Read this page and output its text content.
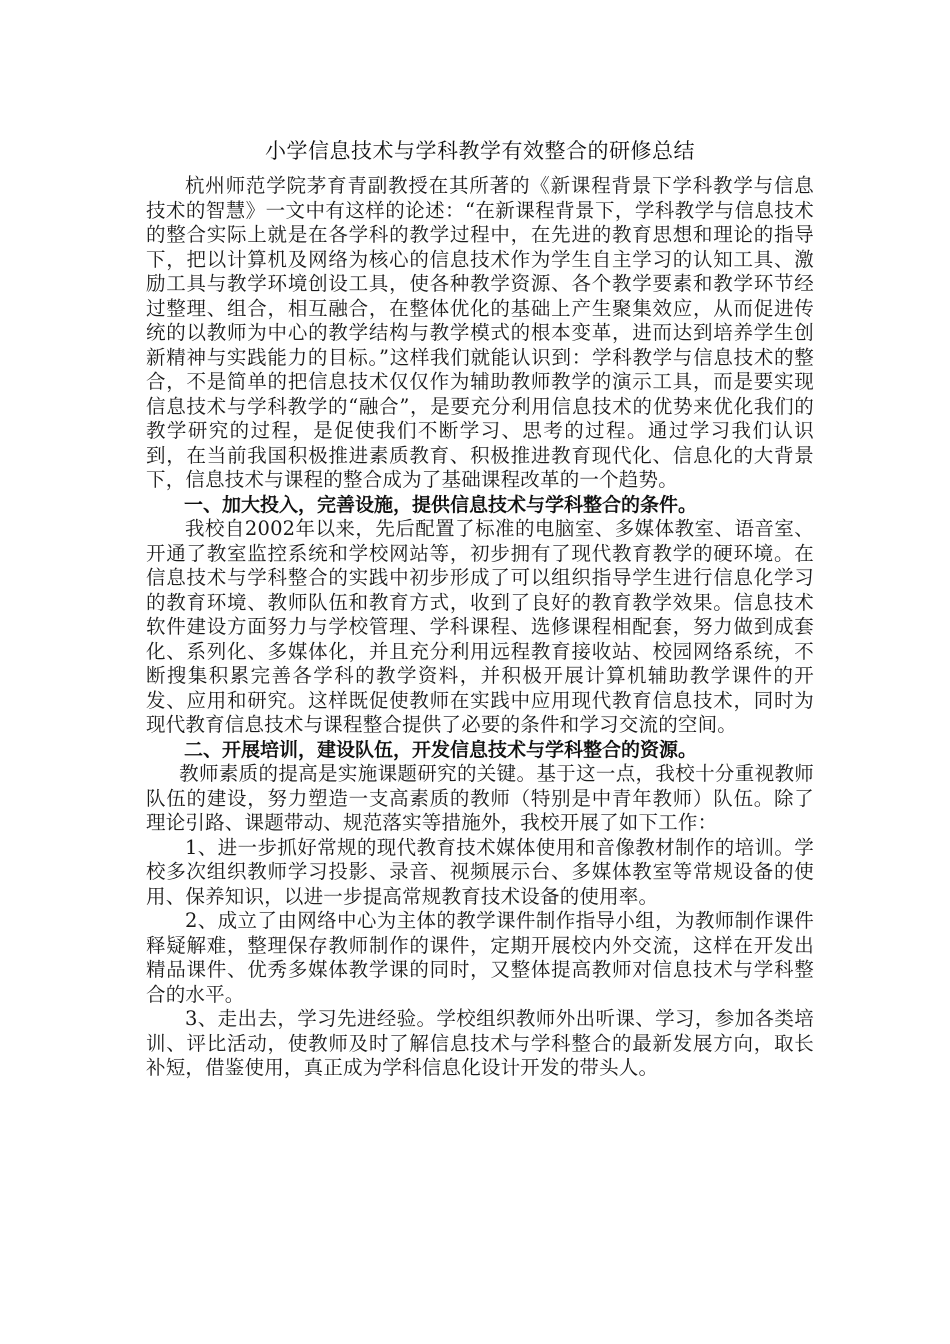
小学信息技术与学科教学有效整合的研修总结

杭州师范学院茅育青副教授在其所著的《新课程背景下学科教学与信息技术的智慧》一文中有这样的论述：“在新课程背景下，学科教学与信息技术的整合实际上就是在各学科的教学过程中，在先进的教育思想和理论的指导下，把以计算机及网络为核心的信息技术作为学生自主学习的认知工具、激励工具与教学环境创设工具，使各种教学资源、各个教学要素和教学环节经过整理、组合，相互融合，在整体优化的基础上产生聚集效应，从而促进传统的以教师为中心的教学结构与教学模式的根本变革，进而达到培养学生创新精神与实践能力的目标。”这样我们就能认识到：学科教学与信息技术的整合，不是简单的把信息技术仅仅作为辅助教师教学的演示工具，而是要实现信息技术与学科教学的“融合”，是要充分利用信息技术的优势来优化我们的教学研究的过程，是促使我们不断学习、思考的过程。通过学习我们认识到，在当前我国积极推进素质教育、积极推进教育现代化、信息化的大背景下，信息技术与课程的整合成为了基础课程改革的一个趋势。

一、加大投入，完善设施，提供信息技术与学科整合的条件。

我校自2002年以来，先后配置了标准的电脑室、多媒体教室、语音室、开通了教室监控系统和学校网站等，初步拥有了现代教育教学的硬环境。在信息技术与学科整合的实践中初步形成了可以组织指导学生进行信息化学习的教育环境、教师队伍和教育方式，收到了良好的教育教学效果。信息技术软件建设方面努力与学校管理、学科课程、选修课程相配套，努力做到成套化、系列化、多媒体化，并且充分利用远程教育接收站、校园网络系统，不断搜集积累完善各学科的教学资料，并积极开展计算机辅助教学课件的开发、应用和研究。这样既促使教师在实践中应用现代教育信息技术，同时为现代教育信息技术与课程整合提供了必要的条件和学习交流的空间。

二、开展培训，建设队伍，开发信息技术与学科整合的资源。

教师素质的提高是实施课题研究的关键。基于这一点，我校十分重视教师队伍的建设，努力塑造一支高素质的教师（特别是中青年教师）队伍。除了理论引路、课题带动、规范落实等措施外，我校开展了如下工作：

1、进一步抓好常规的现代教育技术媒体使用和音像教材制作的培训。学校多次组织教师学习投影、录音、视频展示台、多媒体教室等常规设备的使用、保养知识，以进一步提高常规教育技术设备的使用率。

2、成立了由网络中心为主体的教学课件制作指导小组，为教师制作课件释疑解难，整理保存教师制作的课件，定期开展校内外交流，这样在开发出精品课件、优秀多媒体教学课的同时，又整体提高教师对信息技术与学科整合的水平。

3、走出去，学习先进经验。学校组织教师外出听课、学习，参加各类培训、评比活动，使教师及时了解信息技术与学科整合的最新发展方向，取长补短，借鉴使用，真正成为学科信息化设计开发的带头人。
